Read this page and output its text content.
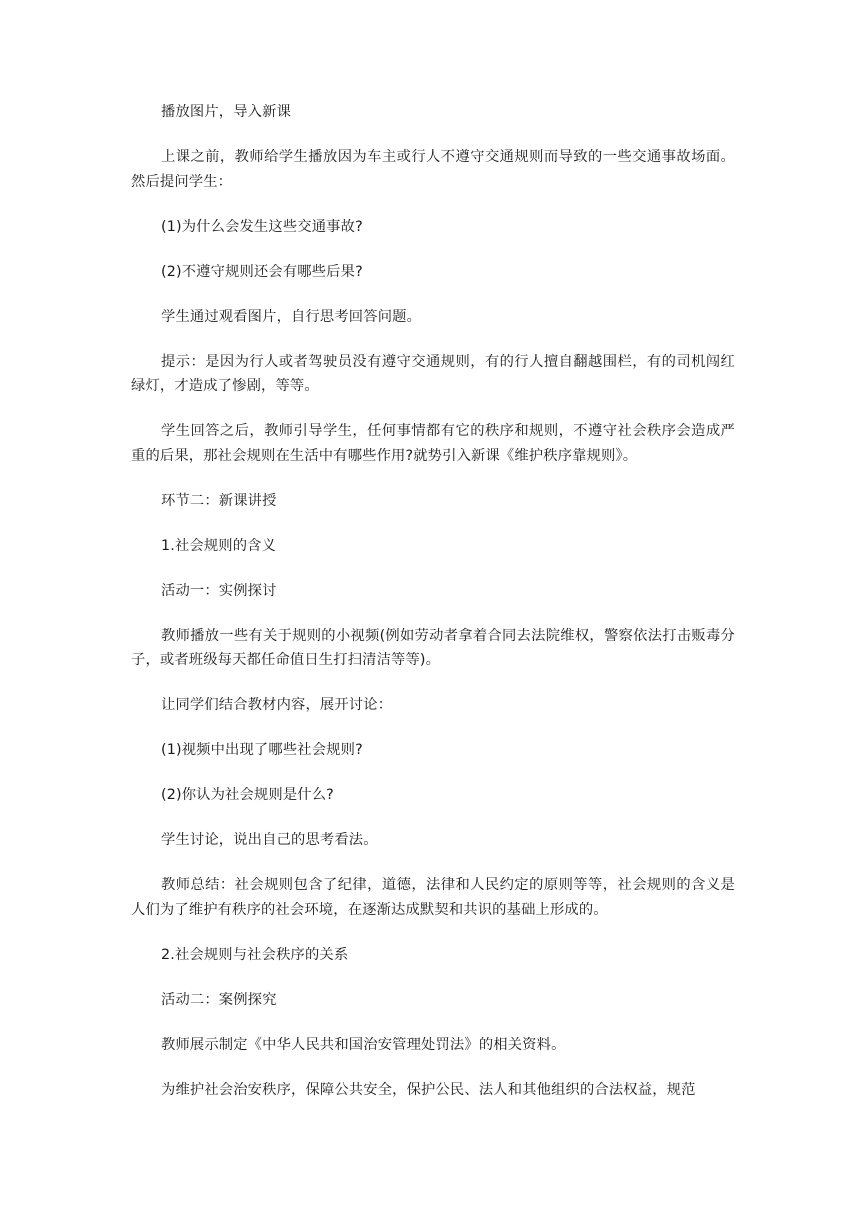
播放图片，导入新课

上课之前，教师给学生播放因为车主或行人不遵守交通规则而导致的一些交通事故场面。然后提问学生：

(1)为什么会发生这些交通事故?

(2)不遵守规则还会有哪些后果?

学生通过观看图片，自行思考回答问题。

提示：是因为行人或者驾驶员没有遵守交通规则，有的行人擅自翻越围栏，有的司机闯红绿灯，才造成了惨剧，等等。

学生回答之后，教师引导学生，任何事情都有它的秩序和规则，不遵守社会秩序会造成严重的后果，那社会规则在生活中有哪些作用?就势引入新课《维护秩序靠规则》。

环节二：新课讲授

1.社会规则的含义

活动一：实例探讨

教师播放一些有关于规则的小视频(例如劳动者拿着合同去法院维权，警察依法打击贩毒分子，或者班级每天都任命值日生打扫清洁等等)。

让同学们结合教材内容，展开讨论：

(1)视频中出现了哪些社会规则?

(2)你认为社会规则是什么?

学生讨论，说出自己的思考看法。

教师总结：社会规则包含了纪律，道德，法律和人民约定的原则等等，社会规则的含义是人们为了维护有秩序的社会环境，在逐渐达成默契和共识的基础上形成的。

2.社会规则与社会秩序的关系

活动二：案例探究

教师展示制定《中华人民共和国治安管理处罚法》的相关资料。

为维护社会治安秩序，保障公共安全，保护公民、法人和其他组织的合法权益，规范
